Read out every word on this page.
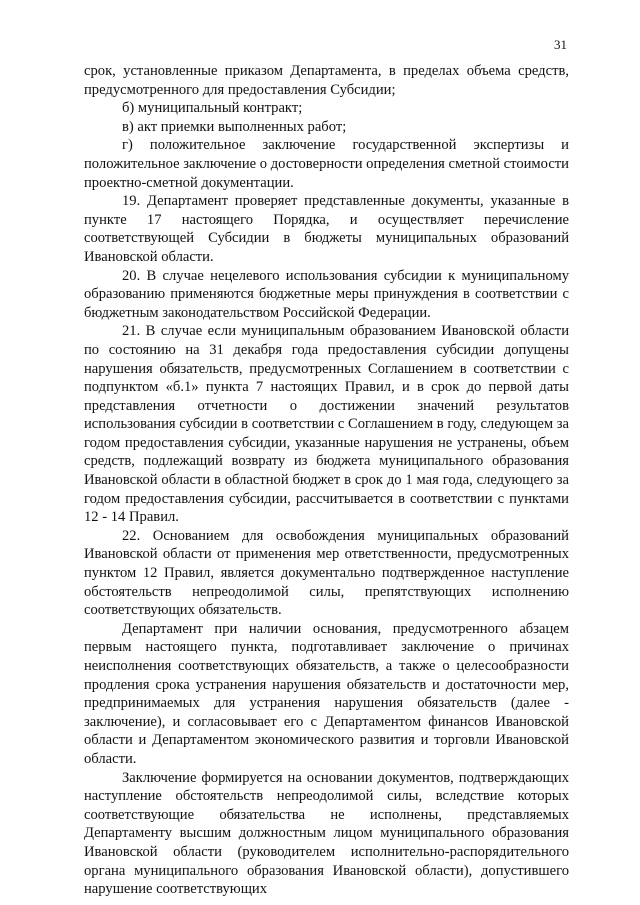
31

срок, установленные приказом Департамента, в пределах объема средств, предусмотренного для предоставления Субсидии;

б) муниципальный контракт;

в) акт приемки выполненных работ;

г) положительное заключение государственной экспертизы и положительное заключение о достоверности определения сметной стоимости проектно-сметной документации.

19. Департамент проверяет представленные документы, указанные в пункте 17 настоящего Порядка, и осуществляет перечисление соответствующей Субсидии в бюджеты муниципальных образований Ивановской области.

20. В случае нецелевого использования субсидии к муниципальному образованию применяются бюджетные меры принуждения в соответствии с бюджетным законодательством Российской Федерации.

21. В случае если муниципальным образованием Ивановской области по состоянию на 31 декабря года предоставления субсидии допущены нарушения обязательств, предусмотренных Соглашением в соответствии с подпунктом «б.1» пункта 7 настоящих Правил, и в срок до первой даты представления отчетности о достижении значений результатов использования субсидии в соответствии с Соглашением в году, следующем за годом предоставления субсидии, указанные нарушения не устранены, объем средств, подлежащий возврату из бюджета муниципального образования Ивановской области в областной бюджет в срок до 1 мая года, следующего за годом предоставления субсидии, рассчитывается в соответствии с пунктами 12 - 14 Правил.

22. Основанием для освобождения муниципальных образований Ивановской области от применения мер ответственности, предусмотренных пунктом 12 Правил, является документально подтвержденное наступление обстоятельств непреодолимой силы, препятствующих исполнению соответствующих обязательств.

Департамент при наличии основания, предусмотренного абзацем первым настоящего пункта, подготавливает заключение о причинах неисполнения соответствующих обязательств, а также о целесообразности продления срока устранения нарушения обязательств и достаточности мер, предпринимаемых для устранения нарушения обязательств (далее - заключение), и согласовывает его с Департаментом финансов Ивановской области и Департаментом экономического развития и торговли Ивановской области.

Заключение формируется на основании документов, подтверждающих наступление обстоятельств непреодолимой силы, вследствие которых соответствующие обязательства не исполнены, представляемых Департаменту высшим должностным лицом муниципального образования Ивановской области (руководителем исполнительно-распорядительного органа муниципального образования Ивановской области), допустившего нарушение соответствующих
